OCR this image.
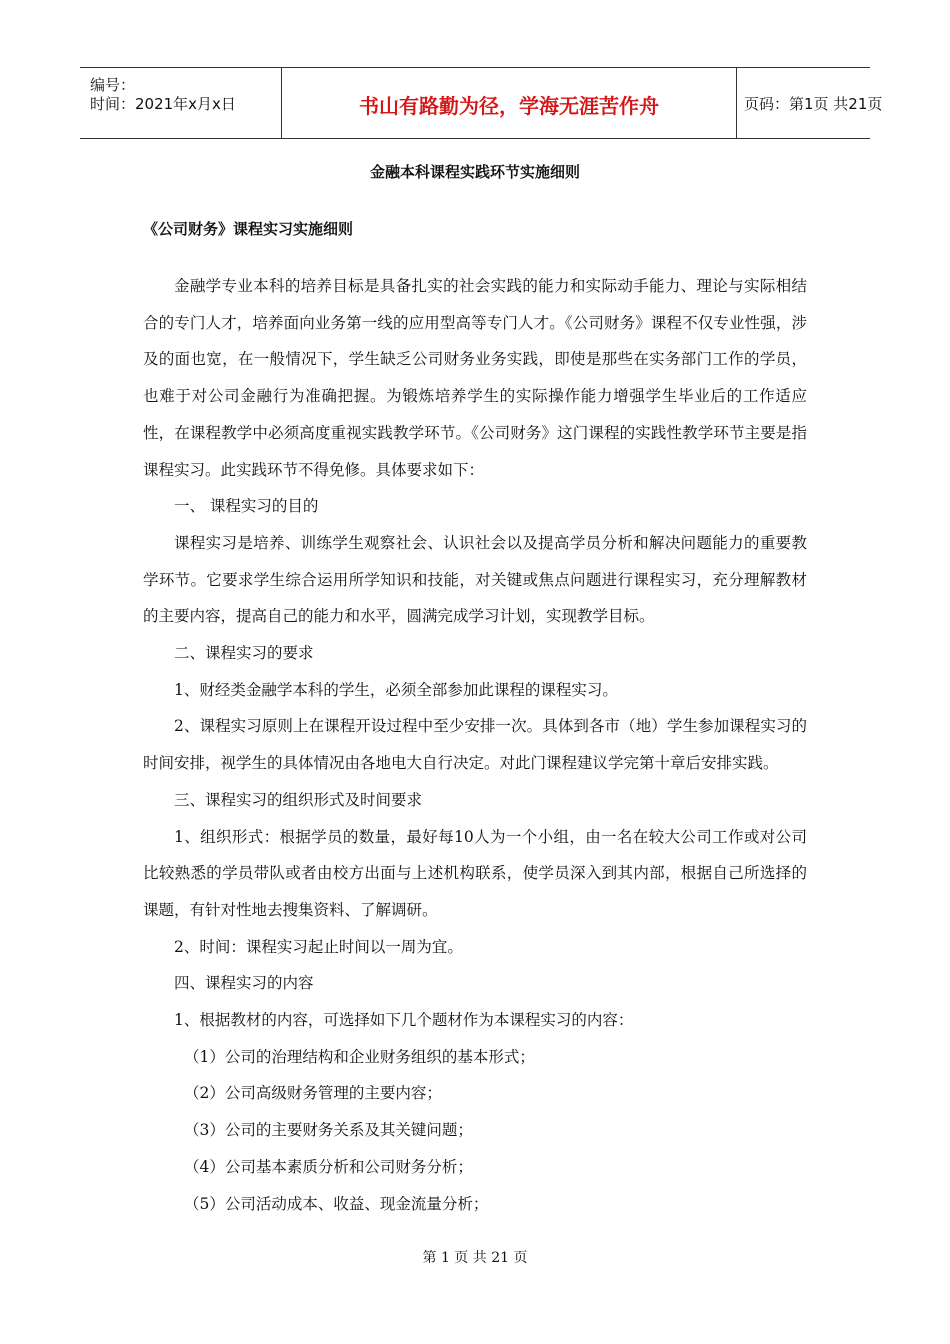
编号：
时间：2021年x月x日	书山有路勤为径，学海无涯苦作舟	页码：第1页 共21页
金融本科课程实践环节实施细则
《公司财务》课程实习实施细则

金融学专业本科的培养目标是具备扎实的社会实践的能力和实际动手能力、理论与实际相结合的专门人才，培养面向业务第一线的应用型高等专门人才。《公司财务》课程不仅专业性强，涉及的面也宽，在一般情况下，学生缺乏公司财务业务实践，即使是那些在实务部门工作的学员，也难于对公司金融行为准确把握。为锻炼培养学生的实际操作能力增强学生毕业后的工作适应性，在课程教学中必须高度重视实践教学环节。《公司财务》这门课程的实践性教学环节主要是指课程实习。此实践环节不得免修。具体要求如下：

一、 课程实习的目的

课程实习是培养、训练学生观察社会、认识社会以及提高学员分析和解决问题能力的重要教学环节。它要求学生综合运用所学知识和技能，对关键或焦点问题进行课程实习，充分理解教材的主要内容，提高自己的能力和水平，圆满完成学习计划，实现教学目标。

二、课程实习的要求

1、财经类金融学本科的学生，必须全部参加此课程的课程实习。

2、课程实习原则上在课程开设过程中至少安排一次。具体到各市（地）学生参加课程实习的时间安排，视学生的具体情况由各地电大自行决定。对此门课程建议学完第十章后安排实践。

三、课程实习的组织形式及时间要求

1、组织形式：根据学员的数量，最好每10人为一个小组，由一名在较大公司工作或对公司比较熟悉的学员带队或者由校方出面与上述机构联系，使学员深入到其内部，根据自己所选择的课题，有针对性地去搜集资料、了解调研。

2、时间：课程实习起止时间以一周为宜。

四、课程实习的内容

1、根据教材的内容，可选择如下几个题材作为本课程实习的内容：

（1）公司的治理结构和企业财务组织的基本形式；

（2）公司高级财务管理的主要内容；

（3）公司的主要财务关系及其关键问题；

（4）公司基本素质分析和公司财务分析；

（5）公司活动成本、收益、现金流量分析；

第 1 页 共 21 页
